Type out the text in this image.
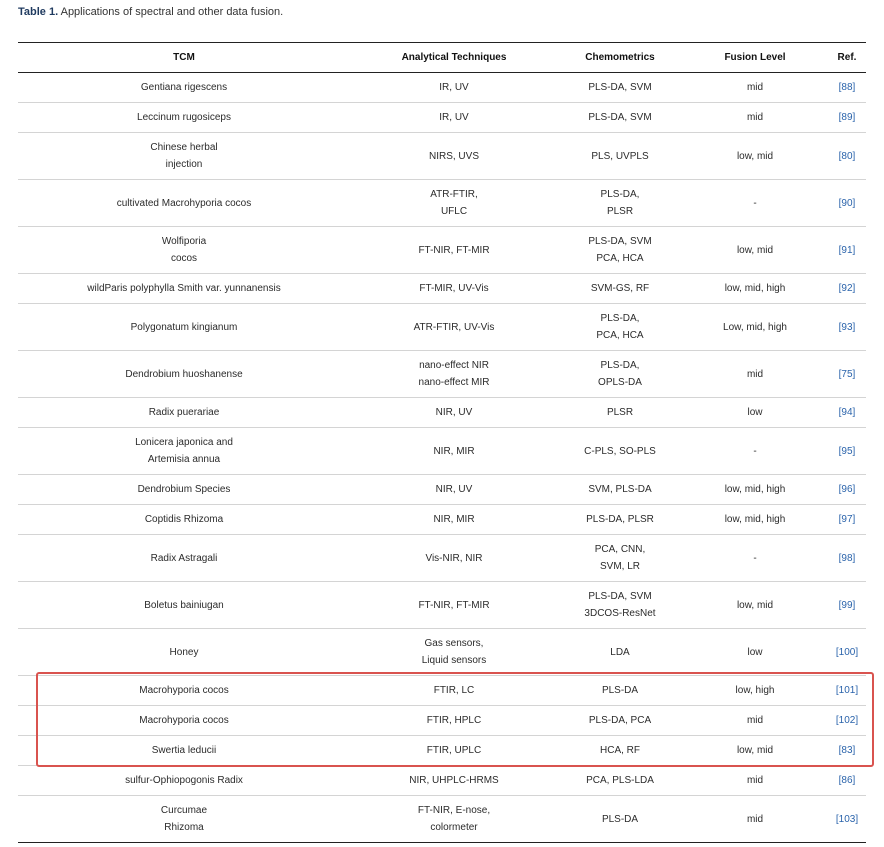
Table 1. Applications of spectral and other data fusion.
TCM	Analytical Techniques	Chemometrics	Fusion Level	Ref.

Gentiana rigescens	IR, UV	PLS-DA, SVM	mid	[88]

Leccinum rugosiceps	IR, UV	PLS-DA, SVM	mid	[89]

Chinese herbal
injection	NIRS, UVS	PLS, UVPLS	low, mid	[80]

cultivated Macrohyporia cocos	ATR-FTIR,
UFLC	PLS-DA,
PLSR	-	[90]

Wolfiporia
cocos	FT-NIR, FT-MIR	PLS-DA, SVM
PCA, HCA	low, mid	[91]

wildParis polyphylla Smith var. yunnanensis	FT-MIR, UV-Vis	SVM-GS, RF	low, mid, high	[92]

Polygonatum kingianum	ATR-FTIR, UV-Vis	PLS-DA,
PCA, HCA	Low, mid, high	[93]

Dendrobium huoshanense	nano-effect NIR
nano-effect MIR	PLS-DA,
OPLS-DA	mid	[75]

Radix puerariae	NIR, UV	PLSR	low	[94]

Lonicera japonica and
Artemisia annua	NIR, MIR	C-PLS, SO-PLS	-	[95]

Dendrobium Species	NIR, UV	SVM, PLS-DA	low, mid, high	[96]

Coptidis Rhizoma	NIR, MIR	PLS-DA, PLSR	low, mid, high	[97]

Radix Astragali	Vis-NIR, NIR	PCA, CNN,
SVM, LR	-	[98]

Boletus bainiugan	FT-NIR, FT-MIR	PLS-DA, SVM
3DCOS-ResNet	low, mid	[99]

Honey	Gas sensors,
Liquid sensors	LDA	low	[100]

Macrohyporia cocos	FTIR, LC	PLS-DA	low, high	[101]

Macrohyporia cocos	FTIR, HPLC	PLS-DA, PCA	mid	[102]

Swertia leducii	FTIR, UPLC	HCA, RF	low, mid	[83]

sulfur-Ophiopogonis Radix	NIR, UHPLC-HRMS	PCA, PLS-LDA	mid	[86]

Curcumae
Rhizoma	FT-NIR, E-nose,
colormeter	PLS-DA	mid	[103]
